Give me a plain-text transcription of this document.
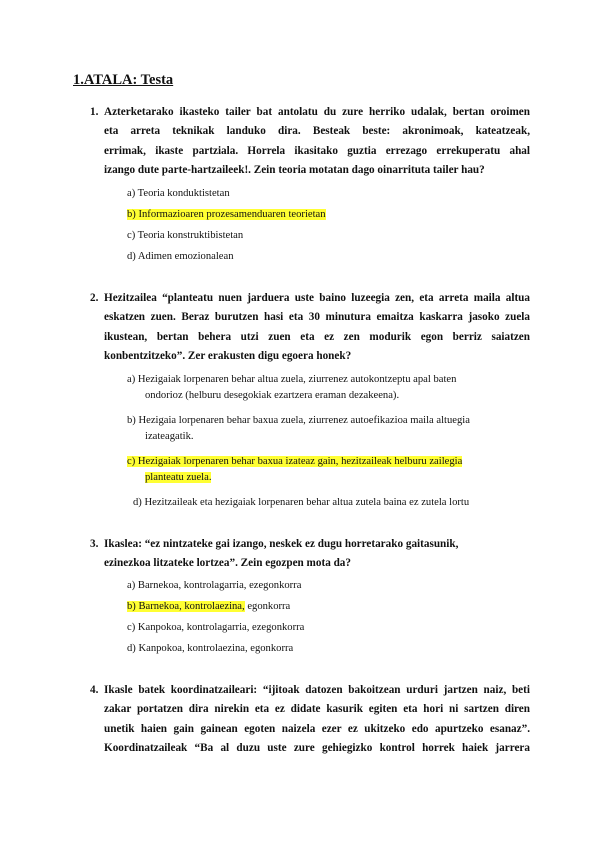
1.ATALA: Testa
1. Azterketarako ikasteko tailer bat antolatu du zure herriko udalak, bertan oroimen
eta arreta teknikak landuko dira. Besteak beste: akronimoak, kateatzeak,
errimak, ikaste partziala. Horrela ikasitako guztia errezago errekuperatu ahal
izango dute parte-hartzaileek!. Zein teoria motatan dago oinarrituta tailer hau?
a) Teoria konduktistetan
b) Informazioaren prozesamenduaren teorietan
c) Teoria konstruktibistetan
d) Adimen emozionalean
2. Hezitzailea “planteatu nuen jarduera uste baino luzeegia zen, eta arreta maila altua
eskatzen zuen. Beraz burutzen hasi eta 30 minutura emaitza kaskarra jasoko zuela
ikustean, bertan behera utzi zuen eta ez zen modurik egon berriz saiatzen
konbentzitzeko”. Zer erakusten digu egoera honek?
a) Hezigaiak lorpenaren behar altua zuela, ziurrenez autokontzeptu apal baten
ondorioz (helburu desegokiak ezartzera eraman dezakeena).
b) Hezigaia lorpenaren behar baxua zuela, ziurrenez autoefikazioa maila altuegia
izateagatik.
c) Hezigaiak lorpenaren behar baxua izateaz gain, hezitzaileak helburu zailegia
planteatu zuela.
d) Hezitzaileak eta hezigaiak lorpenaren behar altua zutela baina ez zutela lortu
3. Ikaslea: “ez nintzateke gai izango, neskek ez dugu horretarako gaitasunik,
ezinezkoa litzateke lortzea”. Zein egozpen mota da?
a) Barnekoa, kontrolagarria, ezegonkorra
b) Barnekoa, kontrolaezina, egonkorra
c) Kanpokoa, kontrolagarria, ezegonkorra
d) Kanpokoa, kontrolaezina, egonkorra
4. Ikasle batek koordinatzaileari: “ijitoak datozen bakoitzean urduri jartzen naiz, beti
zakar portatzen dira nirekin eta ez didate kasurik egiten eta hori ni sartzen diren
unetik haien gain gainean egoten naizela ezer ez ukitzeko edo apurtzeko esanaz”.
Koordinatzaileak “Ba al duzu uste zure gehiegizko kontrol horrek haiek jarrera
